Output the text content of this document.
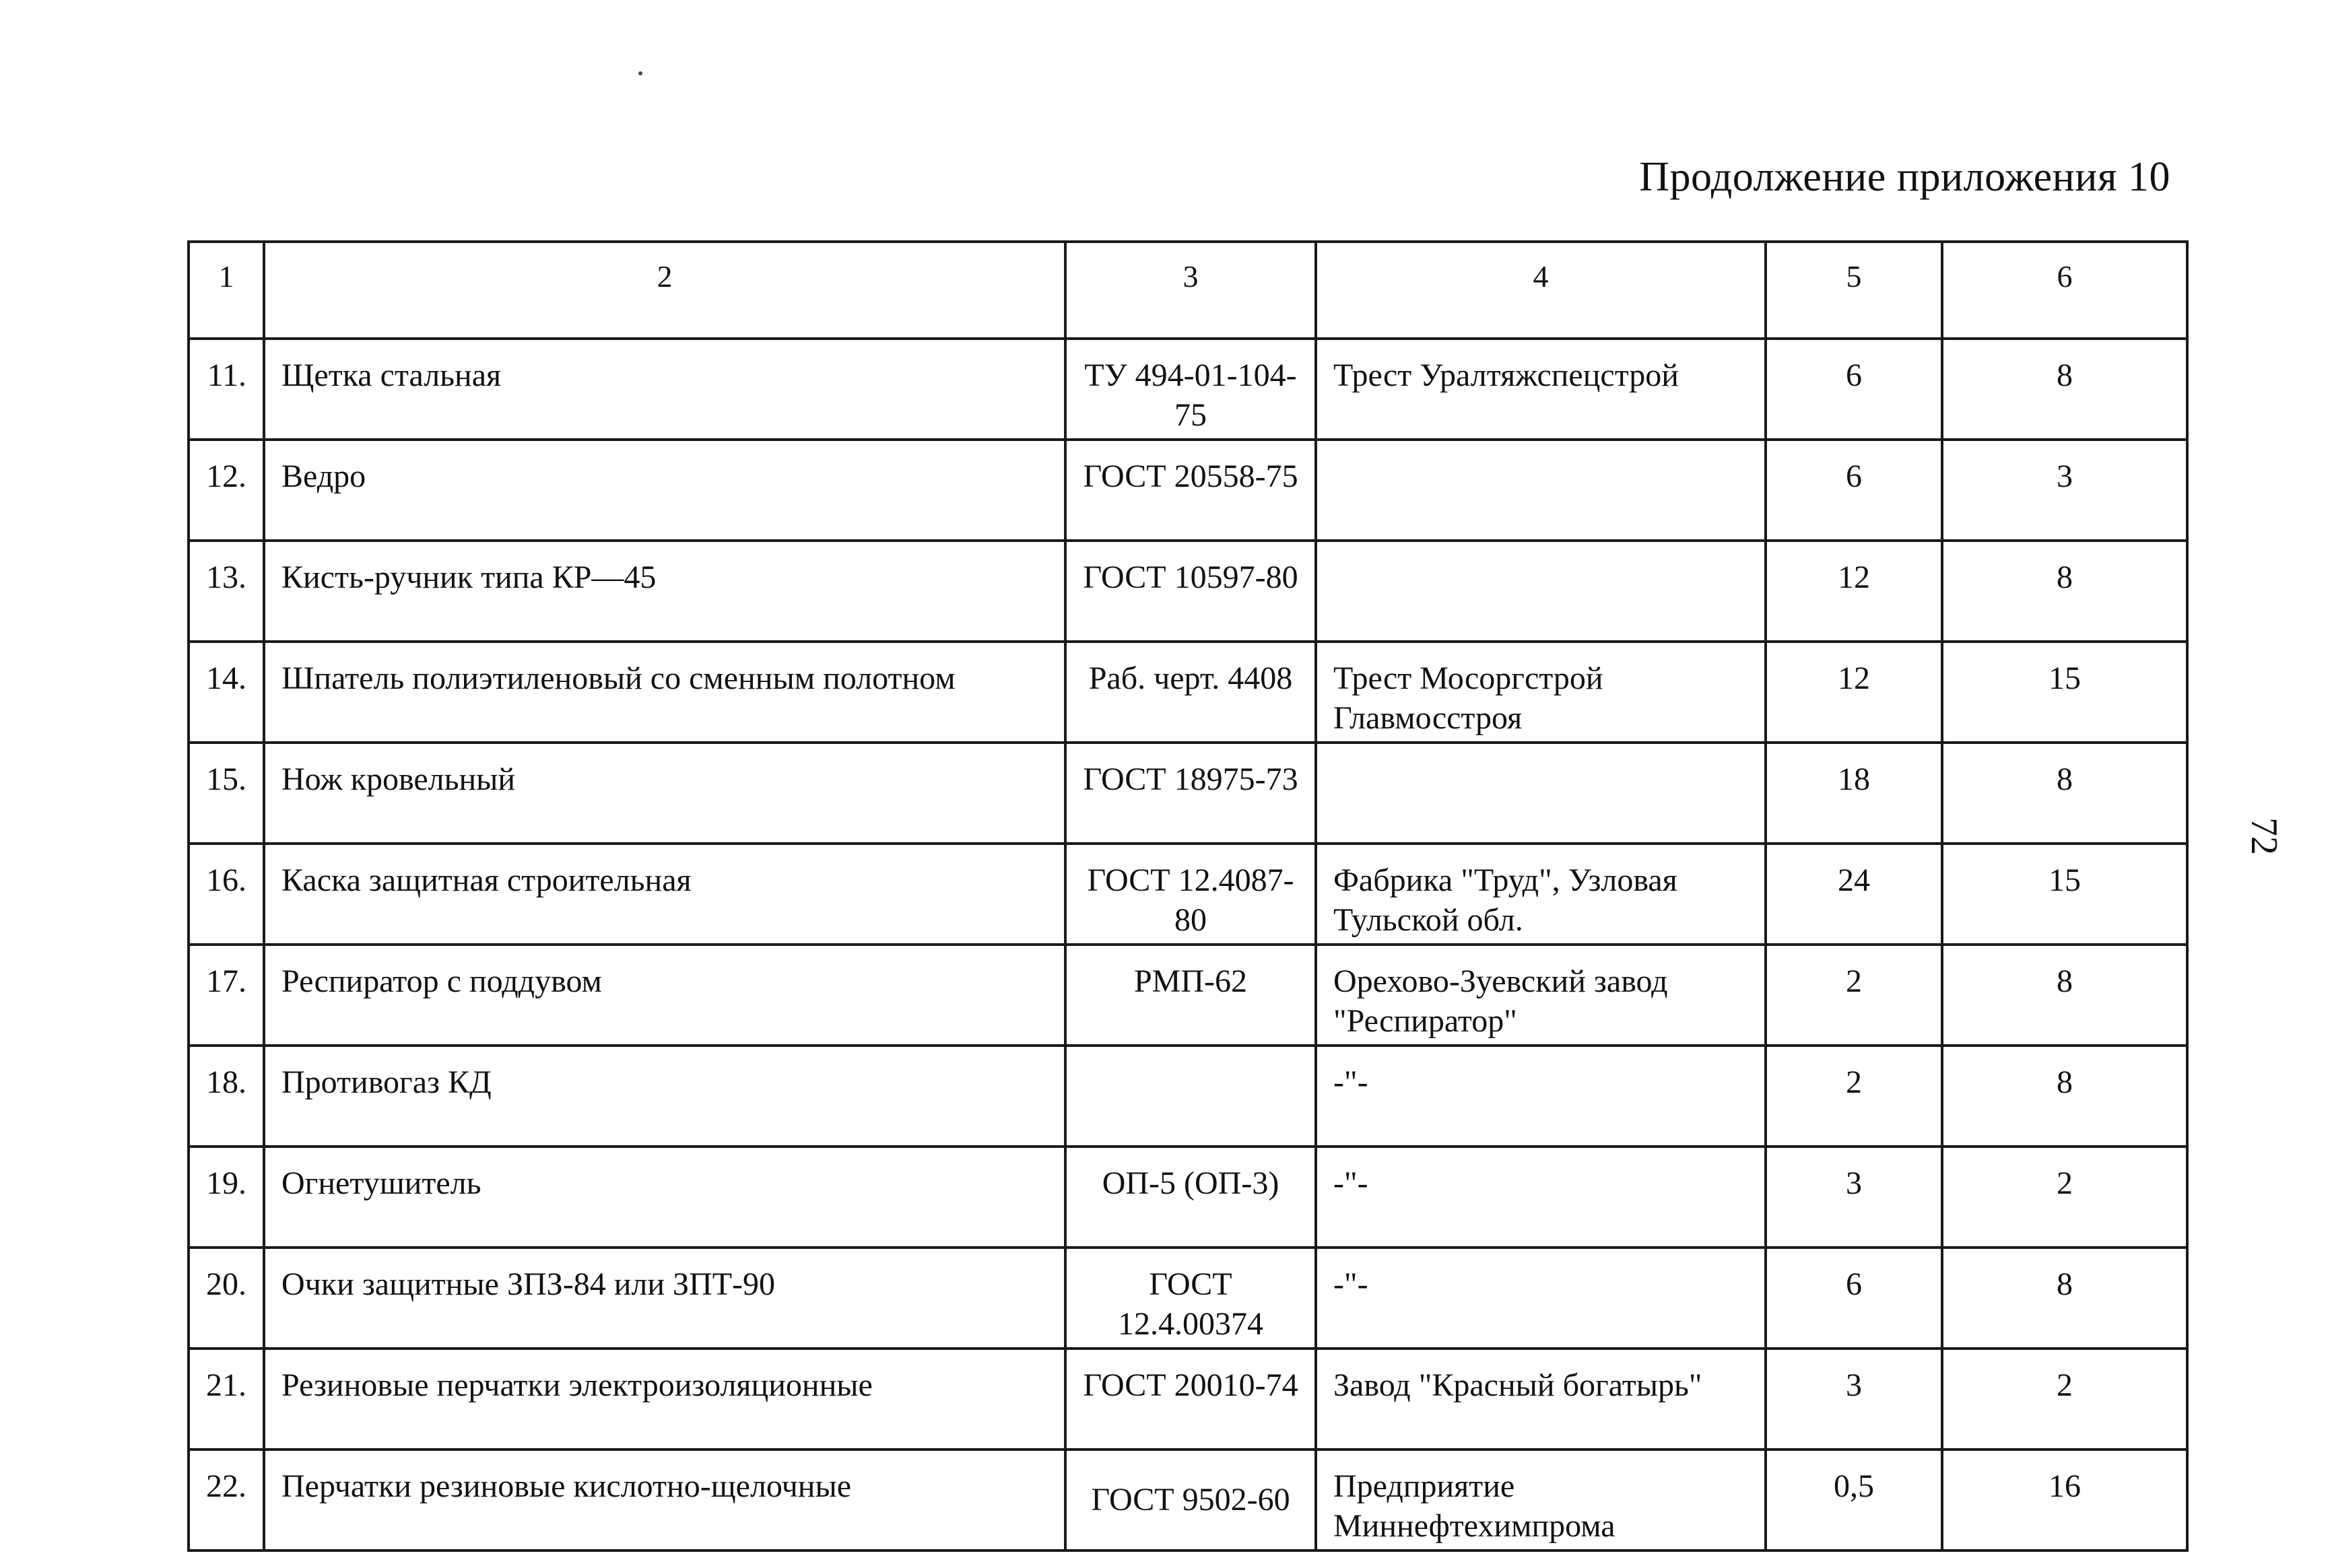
Продолжение приложения 10
72
1	2	3	4	5	6
11.	Щетка стальная	ТУ 494-01-104-75	Трест Уралтяжспецстрой	6	8
12.	Ведро	ГОСТ 20558-75		6	3
13.	Кисть-ручник типа КР—45	ГОСТ 10597-80		12	8
14.	Шпатель полиэтиленовый со сменным полотном	Раб. черт. 4408	Трест Мосоргстрой Главмосстроя	12	15
15.	Нож кровельный	ГОСТ 18975-73		18	8
16.	Каска защитная строительная	ГОСТ 12.4087-80	Фабрика "Труд", Узловая Тульской обл.	24	15
17.	Респиратор с поддувом	РМП-62	Орехово-Зуевский завод "Респиратор"	2	8
18.	Противогаз КД		-"-	2	8
19.	Огнетушитель	ОП-5 (ОП-3)	-"-	3	2
20.	Очки защитные ЗПЗ-84 или ЗПТ-90	ГОСТ 12.4.00374	-"-	6	8
21.	Резиновые перчатки электроизоляционные	ГОСТ 20010-74	Завод "Красный богатырь"	3	2
22.	Перчатки резиновые кислотно-щелочные	ГОСТ 9502-60	Предприятие Миннефтехимпрома	0,5	16
